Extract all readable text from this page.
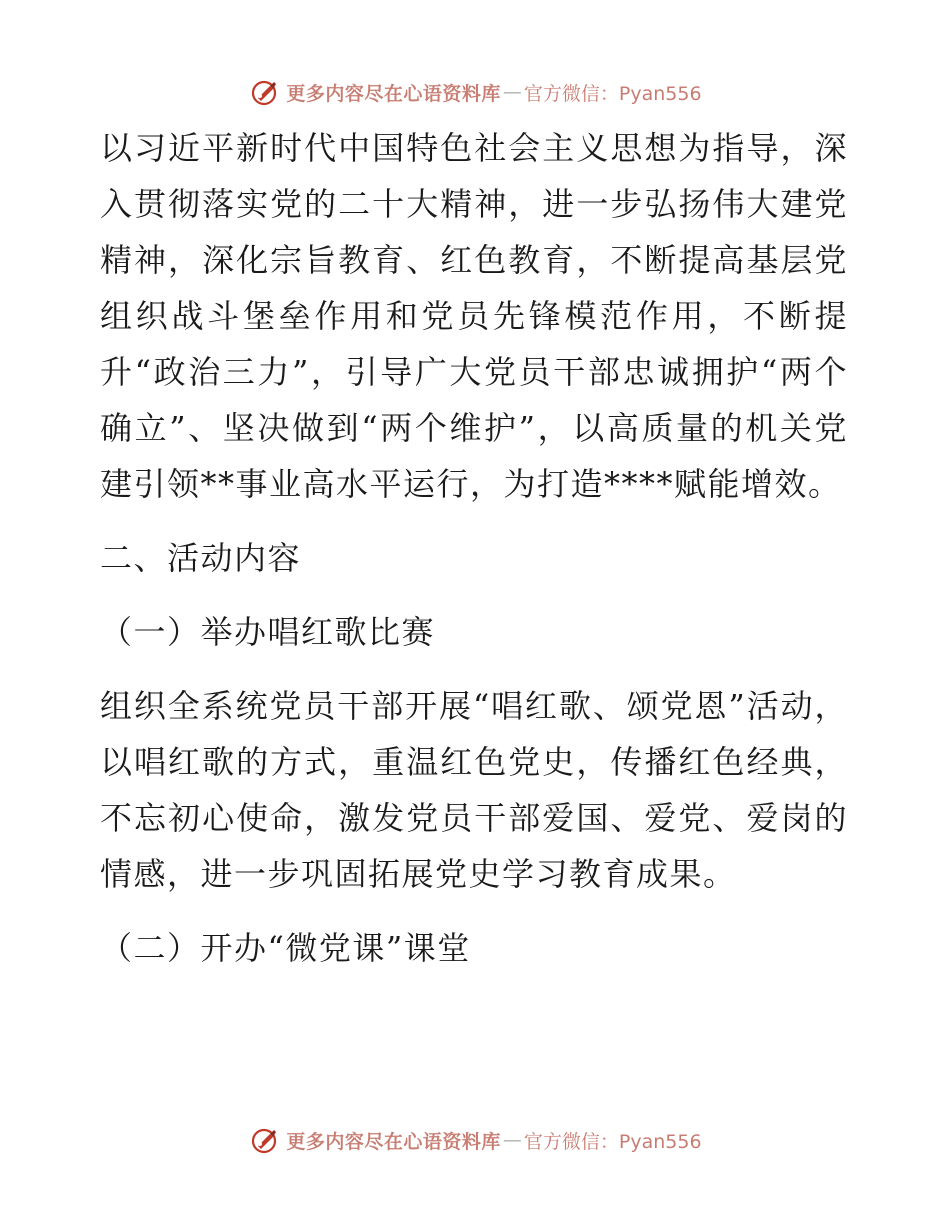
更多内容尽在心语资料库 — 官方微信：Pyan556

以习近平新时代中国特色社会主义思想为指导，深入贯彻落实党的二十大精神，进一步弘扬伟大建党精神，深化宗旨教育、红色教育，不断提高基层党组织战斗堡垒作用和党员先锋模范作用，不断提升“政治三力”，引导广大党员干部忠诚拥护“两个确立”、坚决做到“两个维护”，以高质量的机关党建引领**事业高水平运行，为打造****赋能增效。

二、活动内容

（一）举办唱红歌比赛

组织全系统党员干部开展“唱红歌、颂党恩”活动，以唱红歌的方式，重温红色党史，传播红色经典，不忘初心使命，激发党员干部爱国、爱党、爱岗的情感，进一步巩固拓展党史学习教育成果。

（二）开办“微党课”课堂

更多内容尽在心语资料库 — 官方微信：Pyan556
